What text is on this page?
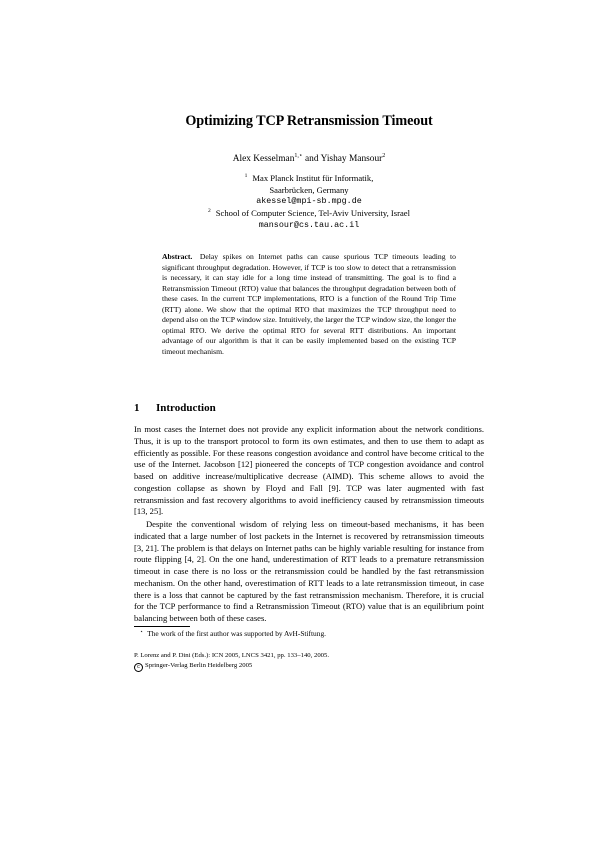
Optimizing TCP Retransmission Timeout
Alex Kesselman$^{1,⋆}$ and Yishay Mansour$^2$
$^1$ Max Planck Institut für Informatik,
Saarbrücken, Germany
akessel@mpi-sb.mpg.de
$^2$ School of Computer Science, Tel-Aviv University, Israel
mansour@cs.tau.ac.il

Abstract. Delay spikes on Internet paths can cause spurious TCP timeouts leading to significant throughput degradation. However, if TCP is too slow to detect that a retransmission is necessary, it can stay idle for a long time instead of transmitting. The goal is to find a Retransmission Timeout (RTO) value that balances the throughput degradation between both of these cases. In the current TCP implementations, RTO is a function of the Round Trip Time (RTT) alone. We show that the optimal RTO that maximizes the TCP throughput need to depend also on the TCP window size. Intuitively, the larger the TCP window size, the longer the optimal RTO. We derive the optimal RTO for several RTT distributions. An important advantage of our algorithm is that it can be easily implemented based on the existing TCP timeout mechanism.

1 Introduction

In most cases the Internet does not provide any explicit information about the network conditions. Thus, it is up to the transport protocol to form its own estimates, and then to use them to adapt as efficiently as possible. For these reasons congestion avoidance and control have become critical to the use of the Internet. Jacobson [12] pioneered the concepts of TCP congestion avoidance and control based on additive increase/multiplicative decrease (AIMD). This scheme allows to avoid the congestion collapse as shown by Floyd and Fall [9]. TCP was later augmented with fast retransmission and fast recovery algorithms to avoid inefficiency caused by retransmission timeouts [13, 25].

Despite the conventional wisdom of relying less on timeout-based mechanisms, it has been indicated that a large number of lost packets in the Internet is recovered by retransmission timeouts [3, 21]. The problem is that delays on Internet paths can be highly variable resulting for instance from route flipping [4, 2]. On the one hand, underestimation of RTT leads to a premature retransmission timeout in case there is no loss or the retransmission could be handled by the fast retransmission mechanism. On the other hand, overestimation of RTT leads to a late retransmission timeout, in case there is a loss that cannot be captured by the fast retransmission mechanism. Therefore, it is crucial for the TCP performance to find a Retransmission Timeout (RTO) value that is an equilibrium point balancing between both of these cases.

⋆ The work of the first author was supported by AvH-Stiftung.

P. Lorenz and P. Dini (Eds.): ICN 2005, LNCS 3421, pp. 133–140, 2005.

c Springer-Verlag Berlin Heidelberg 2005
